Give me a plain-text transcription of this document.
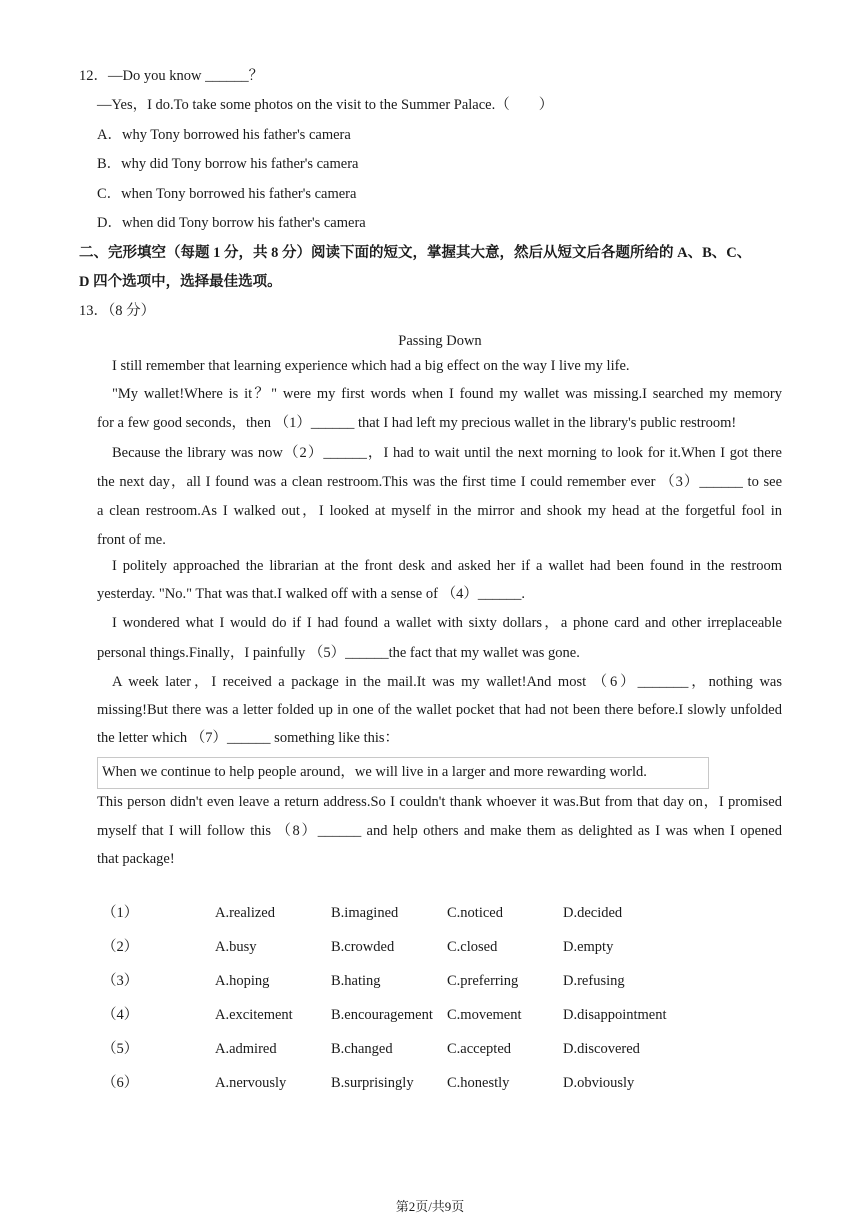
12．—Do you know ______？
—Yes，I do.To take some photos on the visit to the Summer Palace.（　　）
A．why Tony borrowed his father's camera
B．why did Tony borrow his father's camera
C．when Tony borrowed his father's camera
D．when did Tony borrow his father's camera
二、完形填空（每题 1 分，共 8 分）阅读下面的短文，掌握其大意，然后从短文后各题所给的 A、B、C、
D 四个选项中，选择最佳选项。
13．（8 分）
Passing Down
I still remember that learning experience which had a big effect on the way I live my life.
"My wallet!Where is it？" were my first words when I found my wallet was missing.I searched my memory
for a few good seconds，then （1）______ that I had left my precious wallet in the library's public restroom!
Because the library was now（2）______，I had to wait until the next morning to look for it.When I got there
the next day，all I found was a clean restroom.This was the first time I could remember ever （3）______ to see
a clean restroom.As I walked out，I looked at myself in the mirror and shook my head at the forgetful fool in
front of me.
I politely approached the librarian at the front desk and asked her if a wallet had been found in the restroom
yesterday. "No." That was that.I walked off with a sense of （4）______.
I wondered what I would do if I had found a wallet with sixty dollars，a phone card and other irreplaceable
personal things.Finally，I painfully （5）______the fact that my wallet was gone.
A week later，I received a package in the mail.It was my wallet!And most （6）_______，nothing was
missing!But there was a letter folded up in one of the wallet pocket that had not been there before.I slowly unfolded
the letter which （7）______ something like this：
When we continue to help people around，we will live in a larger and more rewarding world.
This person didn't even leave a return address.So I couldn't thank whoever it was.But from that day on，I promised
myself that I will follow this （8）______ and help others and make them as delighted as I was when I opened
that package!
（1）	A.realized	B.imagined	C.noticed	D.decided
（2）	A.busy	B.crowded	C.closed	D.empty
（3）	A.hoping	B.hating	C.preferring	D.refusing
（4）	A.excitement	B.encouragement	C.movement	D.disappointment
（5）	A.admired	B.changed	C.accepted	D.discovered
（6）	A.nervously	B.surprisingly	C.honestly	D.obviously
第2页/共9页
